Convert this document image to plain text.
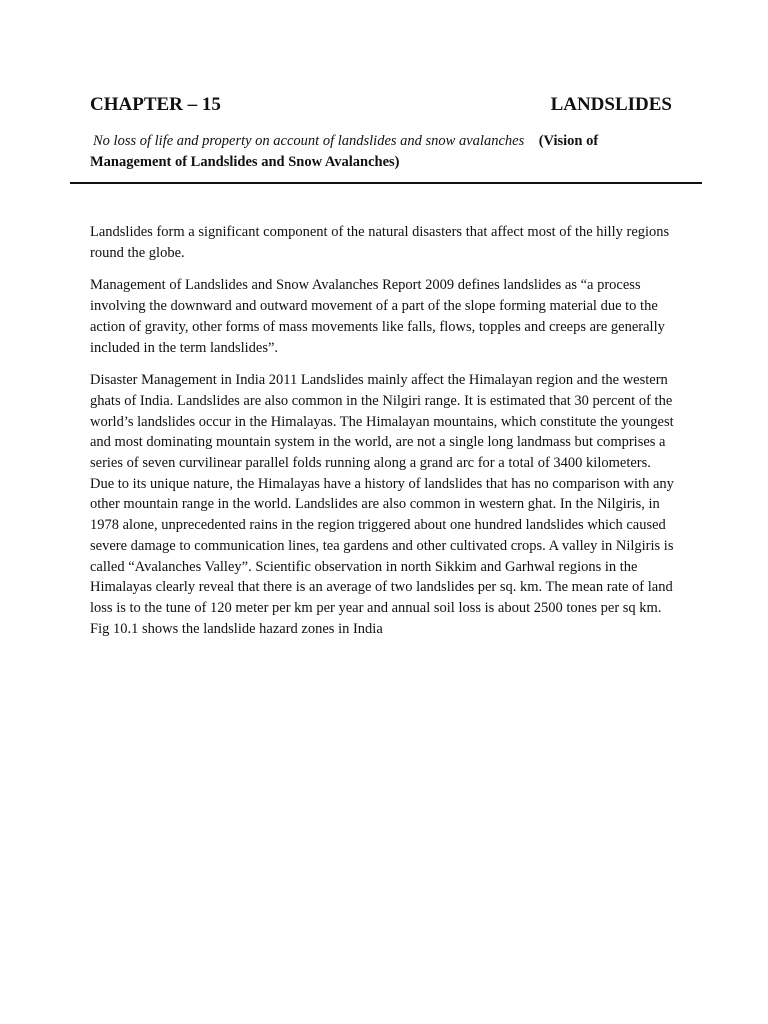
CHAPTER – 15	LANDSLIDES
No loss of life and property on account of landslides and snow avalanches (Vision of Management of Landslides and Snow Avalanches)

Landslides form a significant component of the natural disasters that affect most of the hilly regions round the globe.

Management of Landslides and Snow Avalanches Report 2009 defines landslides as “a process involving the downward and outward movement of a part of the slope forming material due to the action of gravity, other forms of mass movements like falls, flows, topples and creeps are generally included in the term landslides”.

Disaster Management in India 2011 Landslides mainly affect the Himalayan region and the western ghats of India. Landslides are also common in the Nilgiri range. It is estimated that 30 percent of the world’s landslides occur in the Himalayas. The Himalayan mountains, which constitute the youngest and most dominating mountain system in the world, are not a single long landmass but comprises a series of seven curvilinear parallel folds running along a grand arc for a total of 3400 kilometers. Due to its unique nature, the Himalayas have a history of landslides that has no comparison with any other mountain range in the world. Landslides are also common in western ghat. In the Nilgiris, in 1978 alone, unprecedented rains in the region triggered about one hundred landslides which caused severe damage to communication lines, tea gardens and other cultivated crops. A valley in Nilgiris is called “Avalanches Valley”. Scientific observation in north Sikkim and Garhwal regions in the Himalayas clearly reveal that there is an average of two landslides per sq. km. The mean rate of land loss is to the tune of 120 meter per km per year and annual soil loss is about 2500 tones per sq km. Fig 10.1 shows the landslide hazard zones in India
